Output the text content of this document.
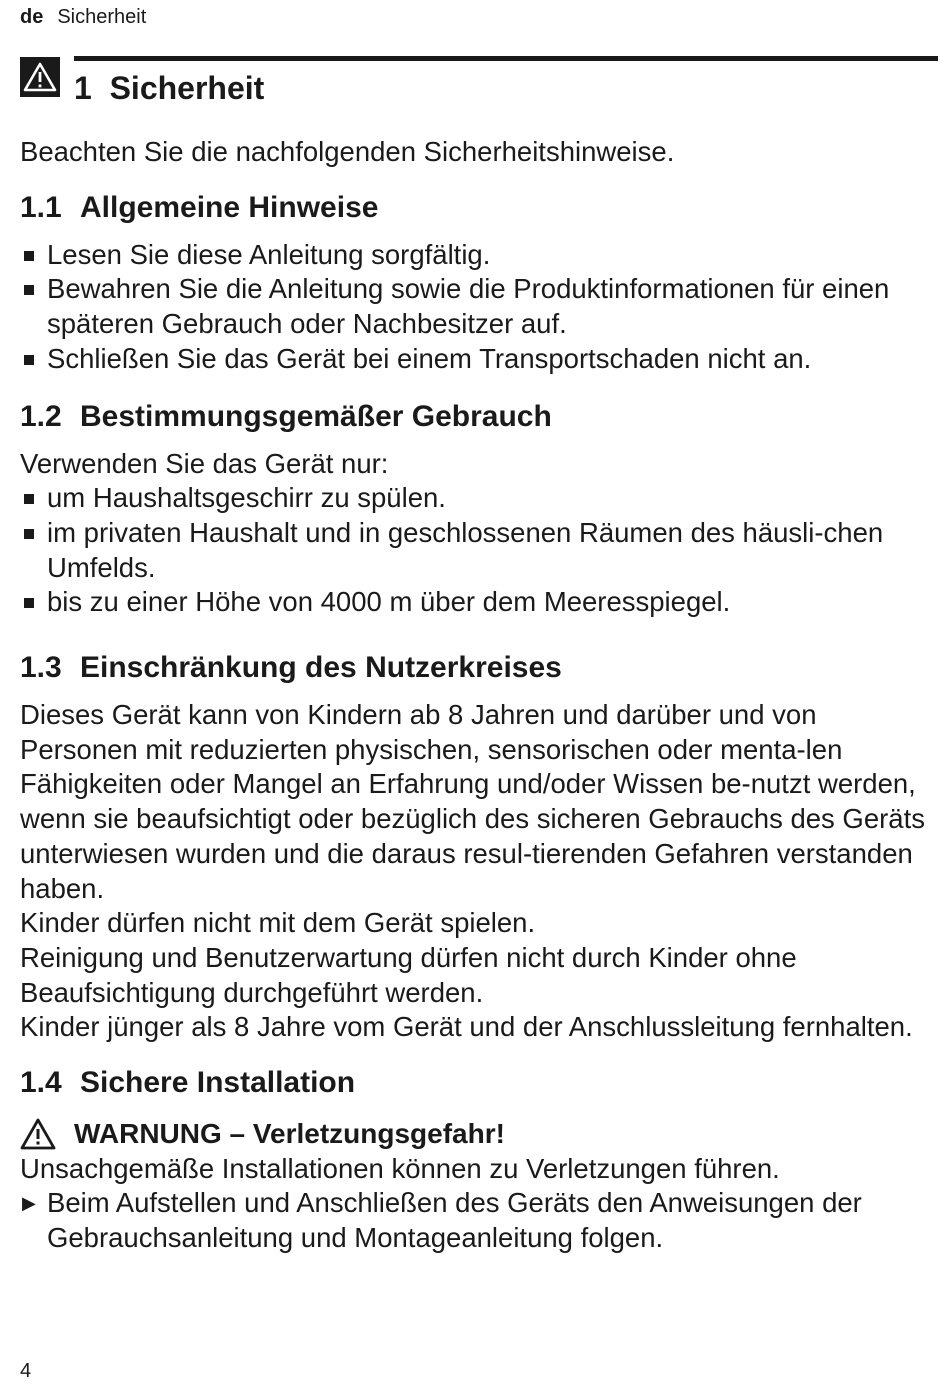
de Sicherheit
1 Sicherheit

Beachten Sie die nachfolgenden Sicherheitshinweise.

1.1 Allgemeine Hinweise
Lesen Sie diese Anleitung sorgfältig.
Bewahren Sie die Anleitung sowie die Produktinformationen für einen späteren Gebrauch oder Nachbesitzer auf.
Schließen Sie das Gerät bei einem Transportschaden nicht an.
1.2 Bestimmungsgemäßer Gebrauch

Verwenden Sie das Gerät nur:

um Haushaltsgeschirr zu spülen.
im privaten Haushalt und in geschlossenen Räumen des häusli-chen Umfelds.
bis zu einer Höhe von 4000 m über dem Meeresspiegel.
1.3 Einschränkung des Nutzerkreises

Dieses Gerät kann von Kindern ab 8 Jahren und darüber und von Personen mit reduzierten physischen, sensorischen oder menta-len Fähigkeiten oder Mangel an Erfahrung und/oder Wissen be-nutzt werden, wenn sie beaufsichtigt oder bezüglich des sicheren Gebrauchs des Geräts unterwiesen wurden und die daraus resul-tierenden Gefahren verstanden haben.

Kinder dürfen nicht mit dem Gerät spielen.

Reinigung und Benutzerwartung dürfen nicht durch Kinder ohne Beaufsichtigung durchgeführt werden.

Kinder jünger als 8 Jahre vom Gerät und der Anschlussleitung fernhalten.

1.4 Sichere Installation
WARNUNG – Verletzungsgefahr!

Unsachgemäße Installationen können zu Verletzungen führen.

▶ Beim Aufstellen und Anschließen des Geräts den Anweisungen der Gebrauchsanleitung und Montageanleitung folgen.
4
